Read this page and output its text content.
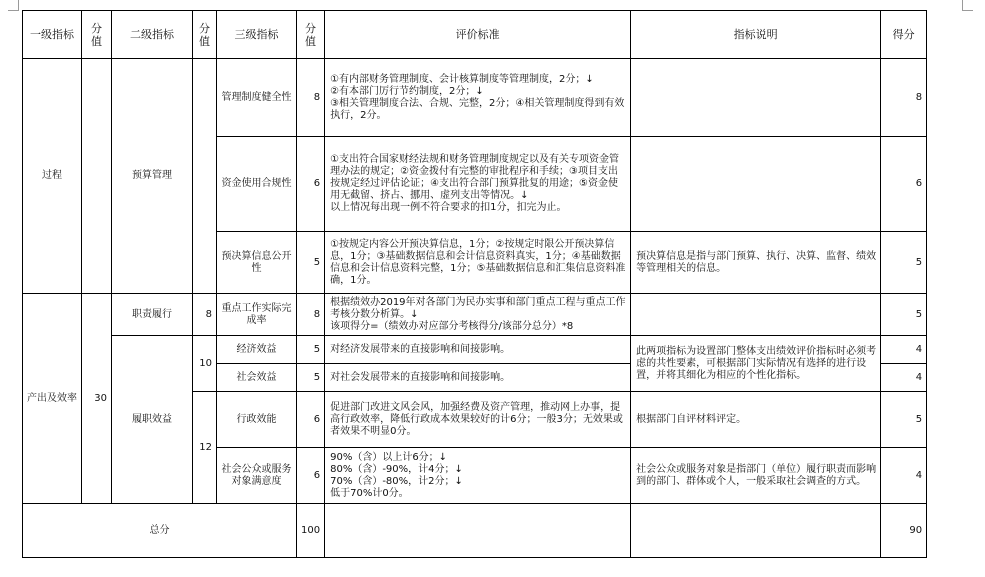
一级指标	分值	二级指标	分值	三级指标	分值	评价标准	指标说明	得分
过程		预算管理		管理制度健全性	8	①有内部财务管理制度、会计核算制度等管理制度，2分；↓
②有本部门厉行节约制度，2分；↓
③相关管理制度合法、合规、完整，2分；④相关管理制度得到有效执行，2分。		8
				资金使用合规性	6	①支出符合国家财经法规和财务管理制度规定以及有关专项资金管理办法的规定；②资金拨付有完整的审批程序和手续；③项目支出按规定经过评估论证；④支出符合部门预算批复的用途；⑤资金使用无截留、挤占、挪用、虚列支出等情况。↓
以上情况每出现一例不符合要求的扣1分，扣完为止。		6
				预决算信息公开性	5	①按规定内容公开预决算信息，1分；②按规定时限公开预决算信息，1分；③基础数据信息和会计信息资料真实，1分；④基础数据信息和会计信息资料完整，1分；⑤基础数据信息和汇集信息资料准确，1分。	预决算信息是指与部门预算、执行、决算、监督、绩效等管理相关的信息。	5
产出及效率	30	职责履行	8	重点工作实际完成率	8	根据绩效办2019年对各部门为民办实事和部门重点工程与重点工作考核分数分析算。↓
该项得分=（绩效办对应部分考核得分/该部分总分）*8		5
		履职效益	10	经济效益	5	对经济发展带来的直接影响和间接影响。	此两项指标为设置部门整体支出绩效评价指标时必须考虑的共性要素，可根据部门实际情况有选择的进行设置，并将其细化为相应的个性化指标。	4
				社会效益	5	对社会发展带来的直接影响和间接影响。		4
			12	行政效能	6	促进部门改进文风会风，加强经费及资产管理，推动网上办事，提高行政效率，降低行政成本效果较好的计6分；一般3分；无效果或者效果不明显0分。	根据部门自评材料评定。	5
				社会公众或服务对象满意度	6	90%（含）以上计6分；↓
80%（含）-90%，计4分；↓
70%（含）-80%，计2分；↓
低于70%计0分。	社会公众或服务对象是指部门（单位）履行职责而影响到的部门、群体或个人，一般采取社会调查的方式。	4
总分					100			90
